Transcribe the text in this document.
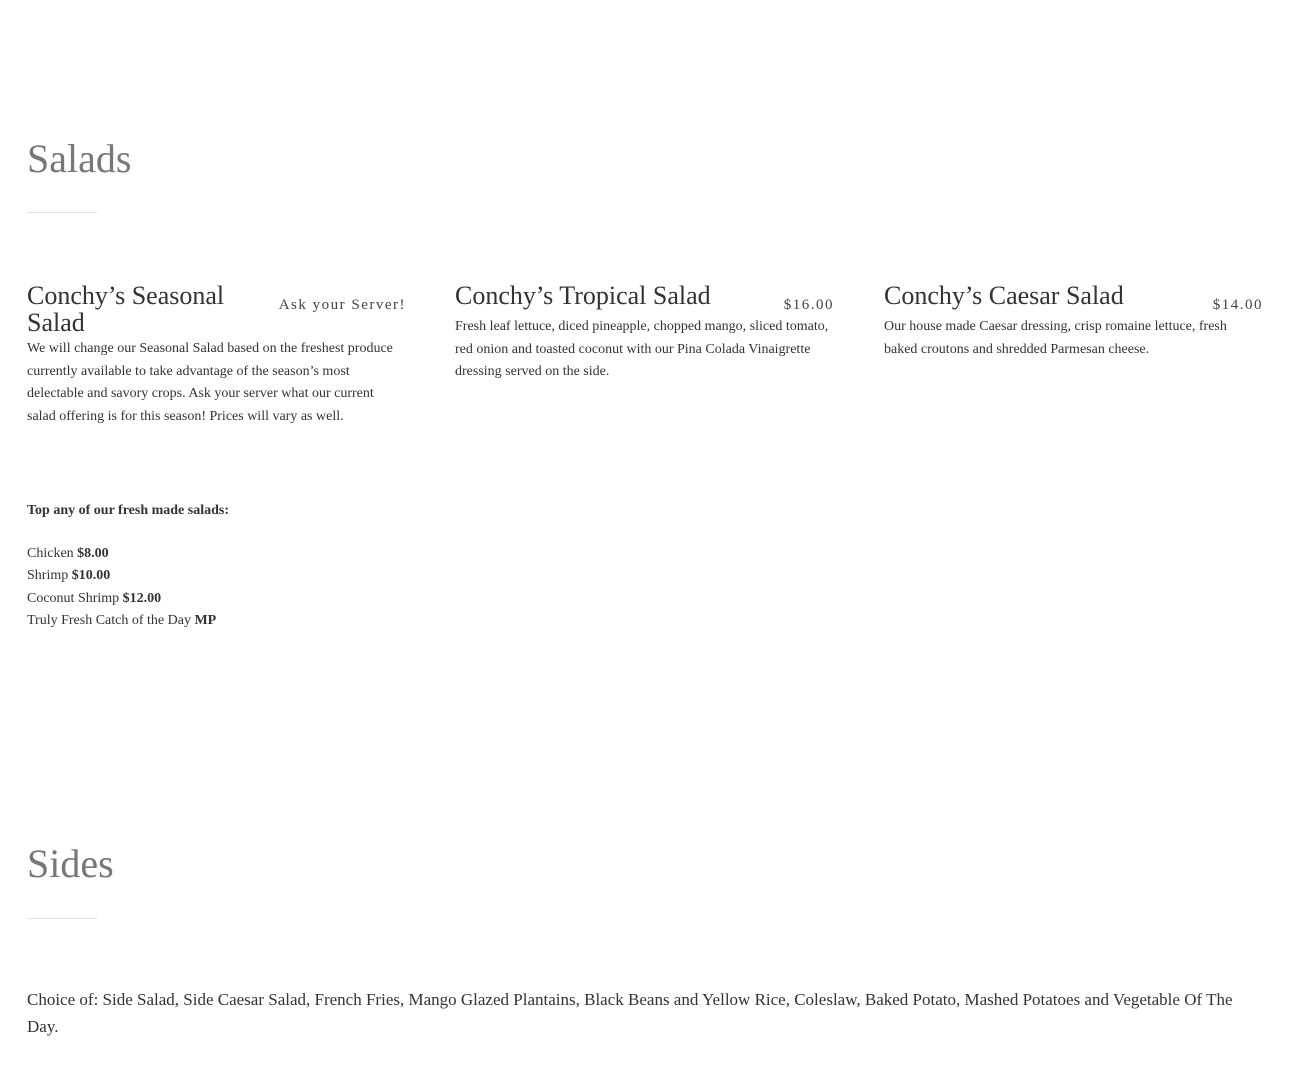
Salads
Conchy’s Seasonal Salad
Ask your Server!

We will change our Seasonal Salad based on the freshest produce currently available to take advantage of the season’s most delectable and savory crops. Ask your server what our current salad offering is for this season! Prices will vary as well.

Conchy’s Tropical Salad	$16.00

Fresh leaf lettuce, diced pineapple, chopped mango, sliced tomato, red onion and toasted coconut with our Pina Colada Vinaigrette dressing served on the side.

Conchy’s Caesar Salad	$14.00

Our house made Caesar dressing, crisp romaine lettuce, fresh baked croutons and shredded Parmesan cheese.

Top any of our fresh made salads:

Chicken $8.00

Shrimp $10.00

Coconut Shrimp $12.00

Truly Fresh Catch of the Day MP

Sides

Choice of: Side Salad, Side Caesar Salad, French Fries, Mango Glazed Plantains, Black Beans and Yellow Rice, Coleslaw, Baked Potato, Mashed Potatoes and Vegetable Of The Day.
